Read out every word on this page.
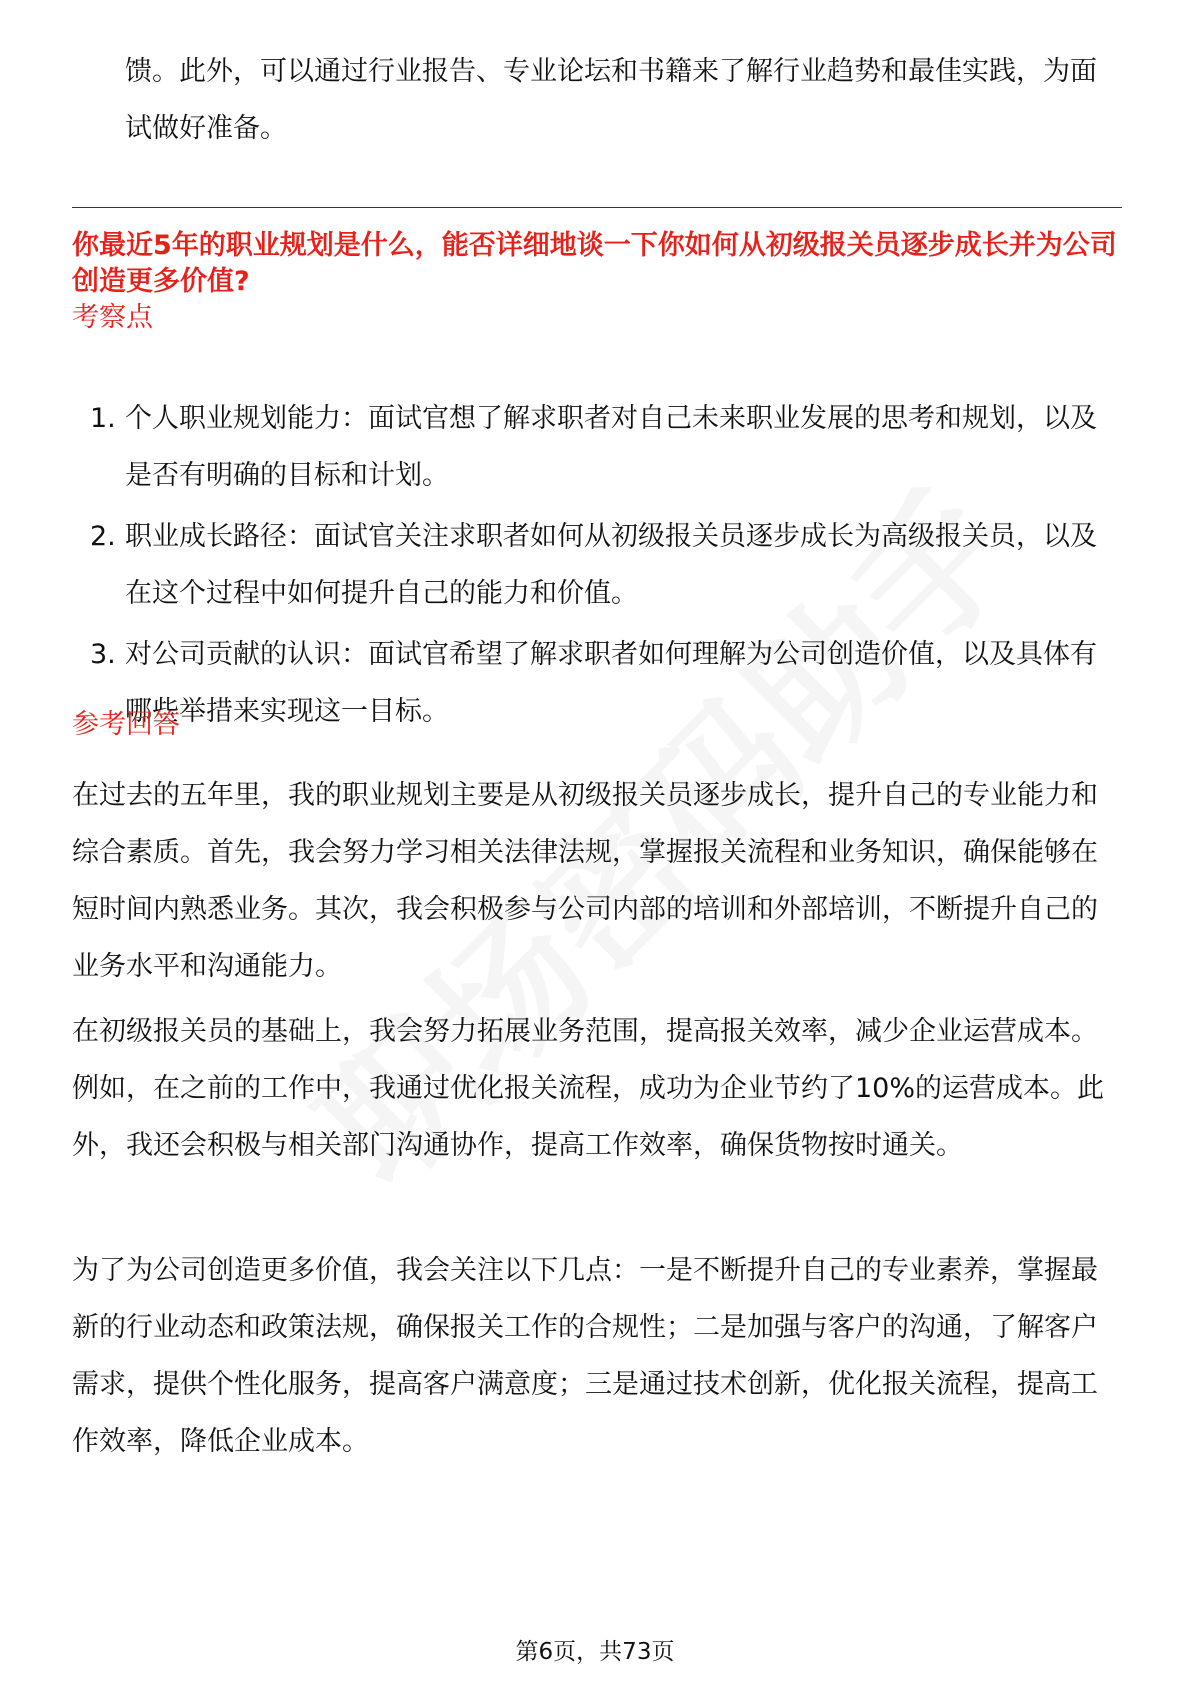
馈。此外，可以通过行业报告、专业论坛和书籍来了解行业趋势和最佳实践，为面试做好准备。

你最近5年的职业规划是什么，能否详细地谈一下你如何从初级报关员逐步成长并为公司创造更多价值?

考察点
1. 个人职业规划能力：面试官想了解求职者对自己未来职业发展的思考和规划，以及是否有明确的目标和计划。
2. 职业成长路径：面试官关注求职者如何从初级报关员逐步成长为高级报关员，以及在这个过程中如何提升自己的能力和价值。
3. 对公司贡献的认识：面试官希望了解求职者如何理解为公司创造价值，以及具体有哪些举措来实现这一目标。
参考回答

在过去的五年里，我的职业规划主要是从初级报关员逐步成长，提升自己的专业能力和综合素质。首先，我会努力学习相关法律法规，掌握报关流程和业务知识，确保能够在短时间内熟悉业务。其次，我会积极参与公司内部的培训和外部培训，不断提升自己的业务水平和沟通能力。

在初级报关员的基础上，我会努力拓展业务范围，提高报关效率，减少企业运营成本。例如，在之前的工作中，我通过优化报关流程，成功为企业节约了10%的运营成本。此外，我还会积极与相关部门沟通协作，提高工作效率，确保货物按时通关。

为了为公司创造更多价值，我会关注以下几点：一是不断提升自己的专业素养，掌握最新的行业动态和政策法规，确保报关工作的合规性；二是加强与客户的沟通，了解客户需求，提供个性化服务，提高客户满意度；三是通过技术创新，优化报关流程，提高工作效率，降低企业成本。

第6页，共73页
